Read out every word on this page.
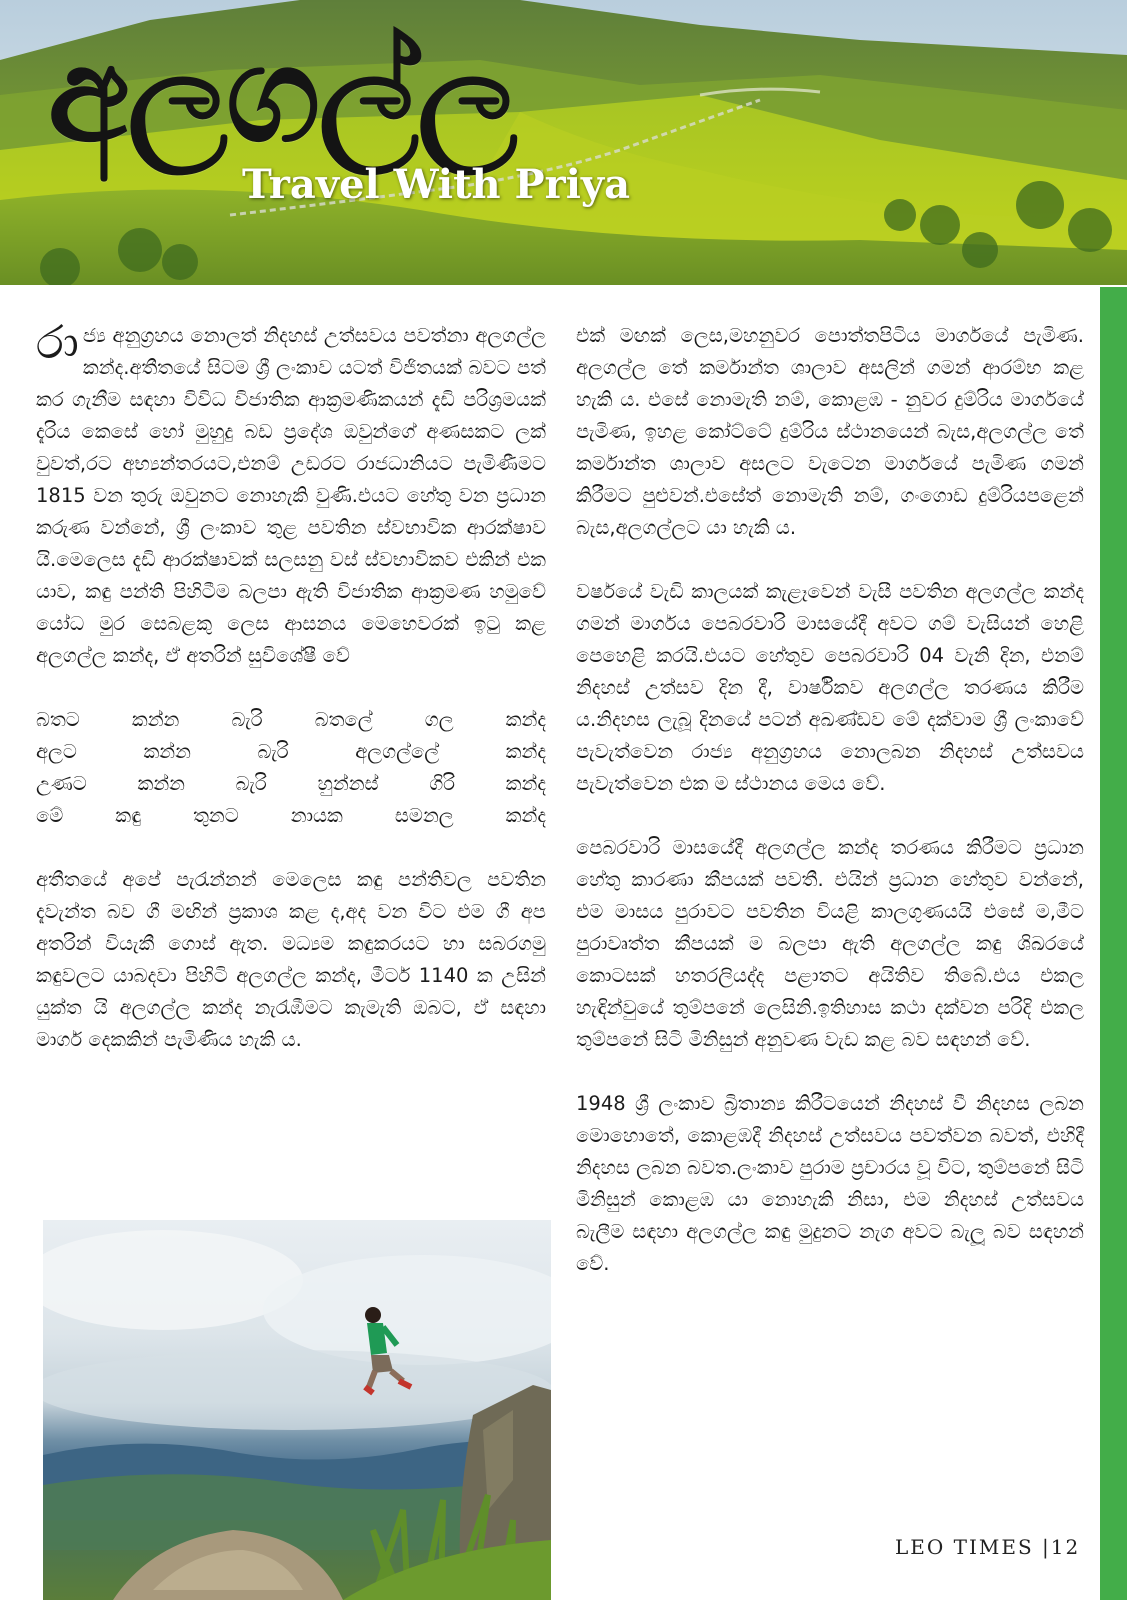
අලගල්ල
Travel With Priya

රාජ්‍ය අනුග්‍රහය නොලත් නිදහස් උත්සවය පවත්නා අලගල්ල කන්ද.අතීතයේ සිටම ශ්‍රී ලංකාව යටත් විජිතයක් බවට පත් කර ගැනීම සඳහා විවිධ විජාතික ආක්‍රමණිකයන් දැඩි පරිශ්‍රමයක් දැරිය කෙසේ හෝ මුහුදු බඩ ප්‍රදේශ ඔවුන්ගේ අණසකට ලක් වුවත්,රට අභ්‍යන්තරයට,එනම් උඩරට රාජධානියට පැමිණීමට 1815 වන තුරු ඔවුනට නොහැකි වුණි.එයට හේතු වන ප්‍රධාන කරුණ වන්නේ, ශ්‍රී ලංකාව තුළ පවතින ස්වභාවික ආරක්ෂාව යි.මෙලෙස දැඩි ආරක්ෂාවක් සලසනු වස් ස්වභාවිකව එකින් එක යාව, කඳු පන්ති පිහිටීම බලපා ඇති විජාතික ආක්‍රමණ හමුවේ යෝධ මුර සෙබළකු ලෙස ආසනය මෙහෙවරක් ඉටු කළ අලගල්ල කන්ද, ඒ අතරින් සුවිශේෂී වේ

බතට කන්න බැරි බතලේ ගල කන්ද

අලට කන්න බැරි අලගල්ලේ කන්ද

උණට කන්න බැරි හුන්නස් ගිරි කන්ද

මේ කඳු තුනට නායක සමනල කන්ද

අතීතයේ අපේ පැරැන්නන් මෙලෙස කඳු පන්තිවල පවතින දැවැන්ත බව ගී මඟින් ප්‍රකාශ කළ ද,අද වන විට එම ගී අප අතරින් වියැකී ගොස් ඇත. මධ්‍යම කඳුකරයට හා සබරගමු කඳුවලට යාබදවා පිහිටි අලගල්ල කන්ද, මීටර් 1140 ක උසින් යුක්ත යි අලගල්ල කන්ද නැරැඹීමට කැමැති ඔබට, ඒ සඳහා මාර්ග දෙකකින් පැමිණිය හැකි ය.

එක් මඟක් ලෙස,මහනුවර පොත්තපිටිය මාර්ගයේ පැමිණ. අලගල්ල තේ කර්මාන්ත ශාලාව අසලින් ගමන් ආරම්භ කළ හැකි ය. එසේ නොමැති නම්, කොළඹ - නුවර දුම්රිය මාර්ගයේ පැමිණ, ඉහළ කෝට්ටේ දුම්රිය ස්ථානයෙන් බැස,අලගල්ල තේ කර්මාන්ත ශාලාව අසලට වැටෙන මාර්ගයේ පැමිණ ගමන් කිරීමට පුළුවන්.එසේත් නොමැති නම්, ගංගොඩ දුම්රියපළෙන් බැස,අලගල්ලට යා හැකි ය.

වර්ෂයේ වැඩි කාලයක් කැළෑවෙන් වැසී පවතින අලගල්ල කන්ද ගමන් මාර්ගය පෙබරවාරි මාසයේදී අවට ගම් වැසියන් හෙළි පෙහෙළි කරයි.එයට හේතුව පෙබරවාරි 04 වැනි දින, එනම් නිදහස් උත්සව දින දී, වාර්ෂිකව අලගල්ල තරණය කිරීම ය.නිදහස ලැබූ දිනයේ පටන් අඛණ්ඩව මේ දක්වාම ශ්‍රී ලංකාවේ පැවැත්වෙන රාජ්‍ය අනුග්‍රහය නොලබන නිදහස් උත්සවය පැවැත්වෙන එක ම ස්ථානය මෙය වේ.

පෙබරවාරි මාසයේදී අලගල්ල කන්ද තරණය කිරීමට ප්‍රධාන හේතු කාරණා කීපයක් පවතී. එයින් ප්‍රධාන හේතුව වන්නේ, එම මාසය පුරාවට පවතින වියළි කාලගුණයයි එසේ ම,මීට පුරාවෘත්ත කීපයක් ම බලපා ඇති අලගල්ල කඳු ශිඛරයේ කොටසක් හතරලියද්ද පළාතට අයිතිව තිබේ.එය එකල හැඳින්වුයේ තුම්පනේ ලෙසිනි.ඉතිහාස කථා දක්වන පරිදි එකල තුම්පනේ සිටි මිනිසුන් අනුවණ වැඩ කළ බව සඳහන් වේ.

1948 ශ්‍රී ලංකාව බ්‍රිතාන්‍ය කිරීටයෙන් නිදහස් වී නිදහස ලබන මොහොතේ, කොළඹදී නිදහස් උත්සවය පවත්වන බවත්, එහිදී නිදහස ලබන බවත.ලංකාව පුරාම ප්‍රචාරය වූ විට, තුම්පනේ සිටි මිනිසුන් කොළඹ යා නොහැකි නිසා, එම නිදහස් උත්සවය බැලීම සඳහා අලගල්ල කඳු මුදුනට නැග අවට බැලූ බව සඳහන් වේ.

LEO TIMES |12
